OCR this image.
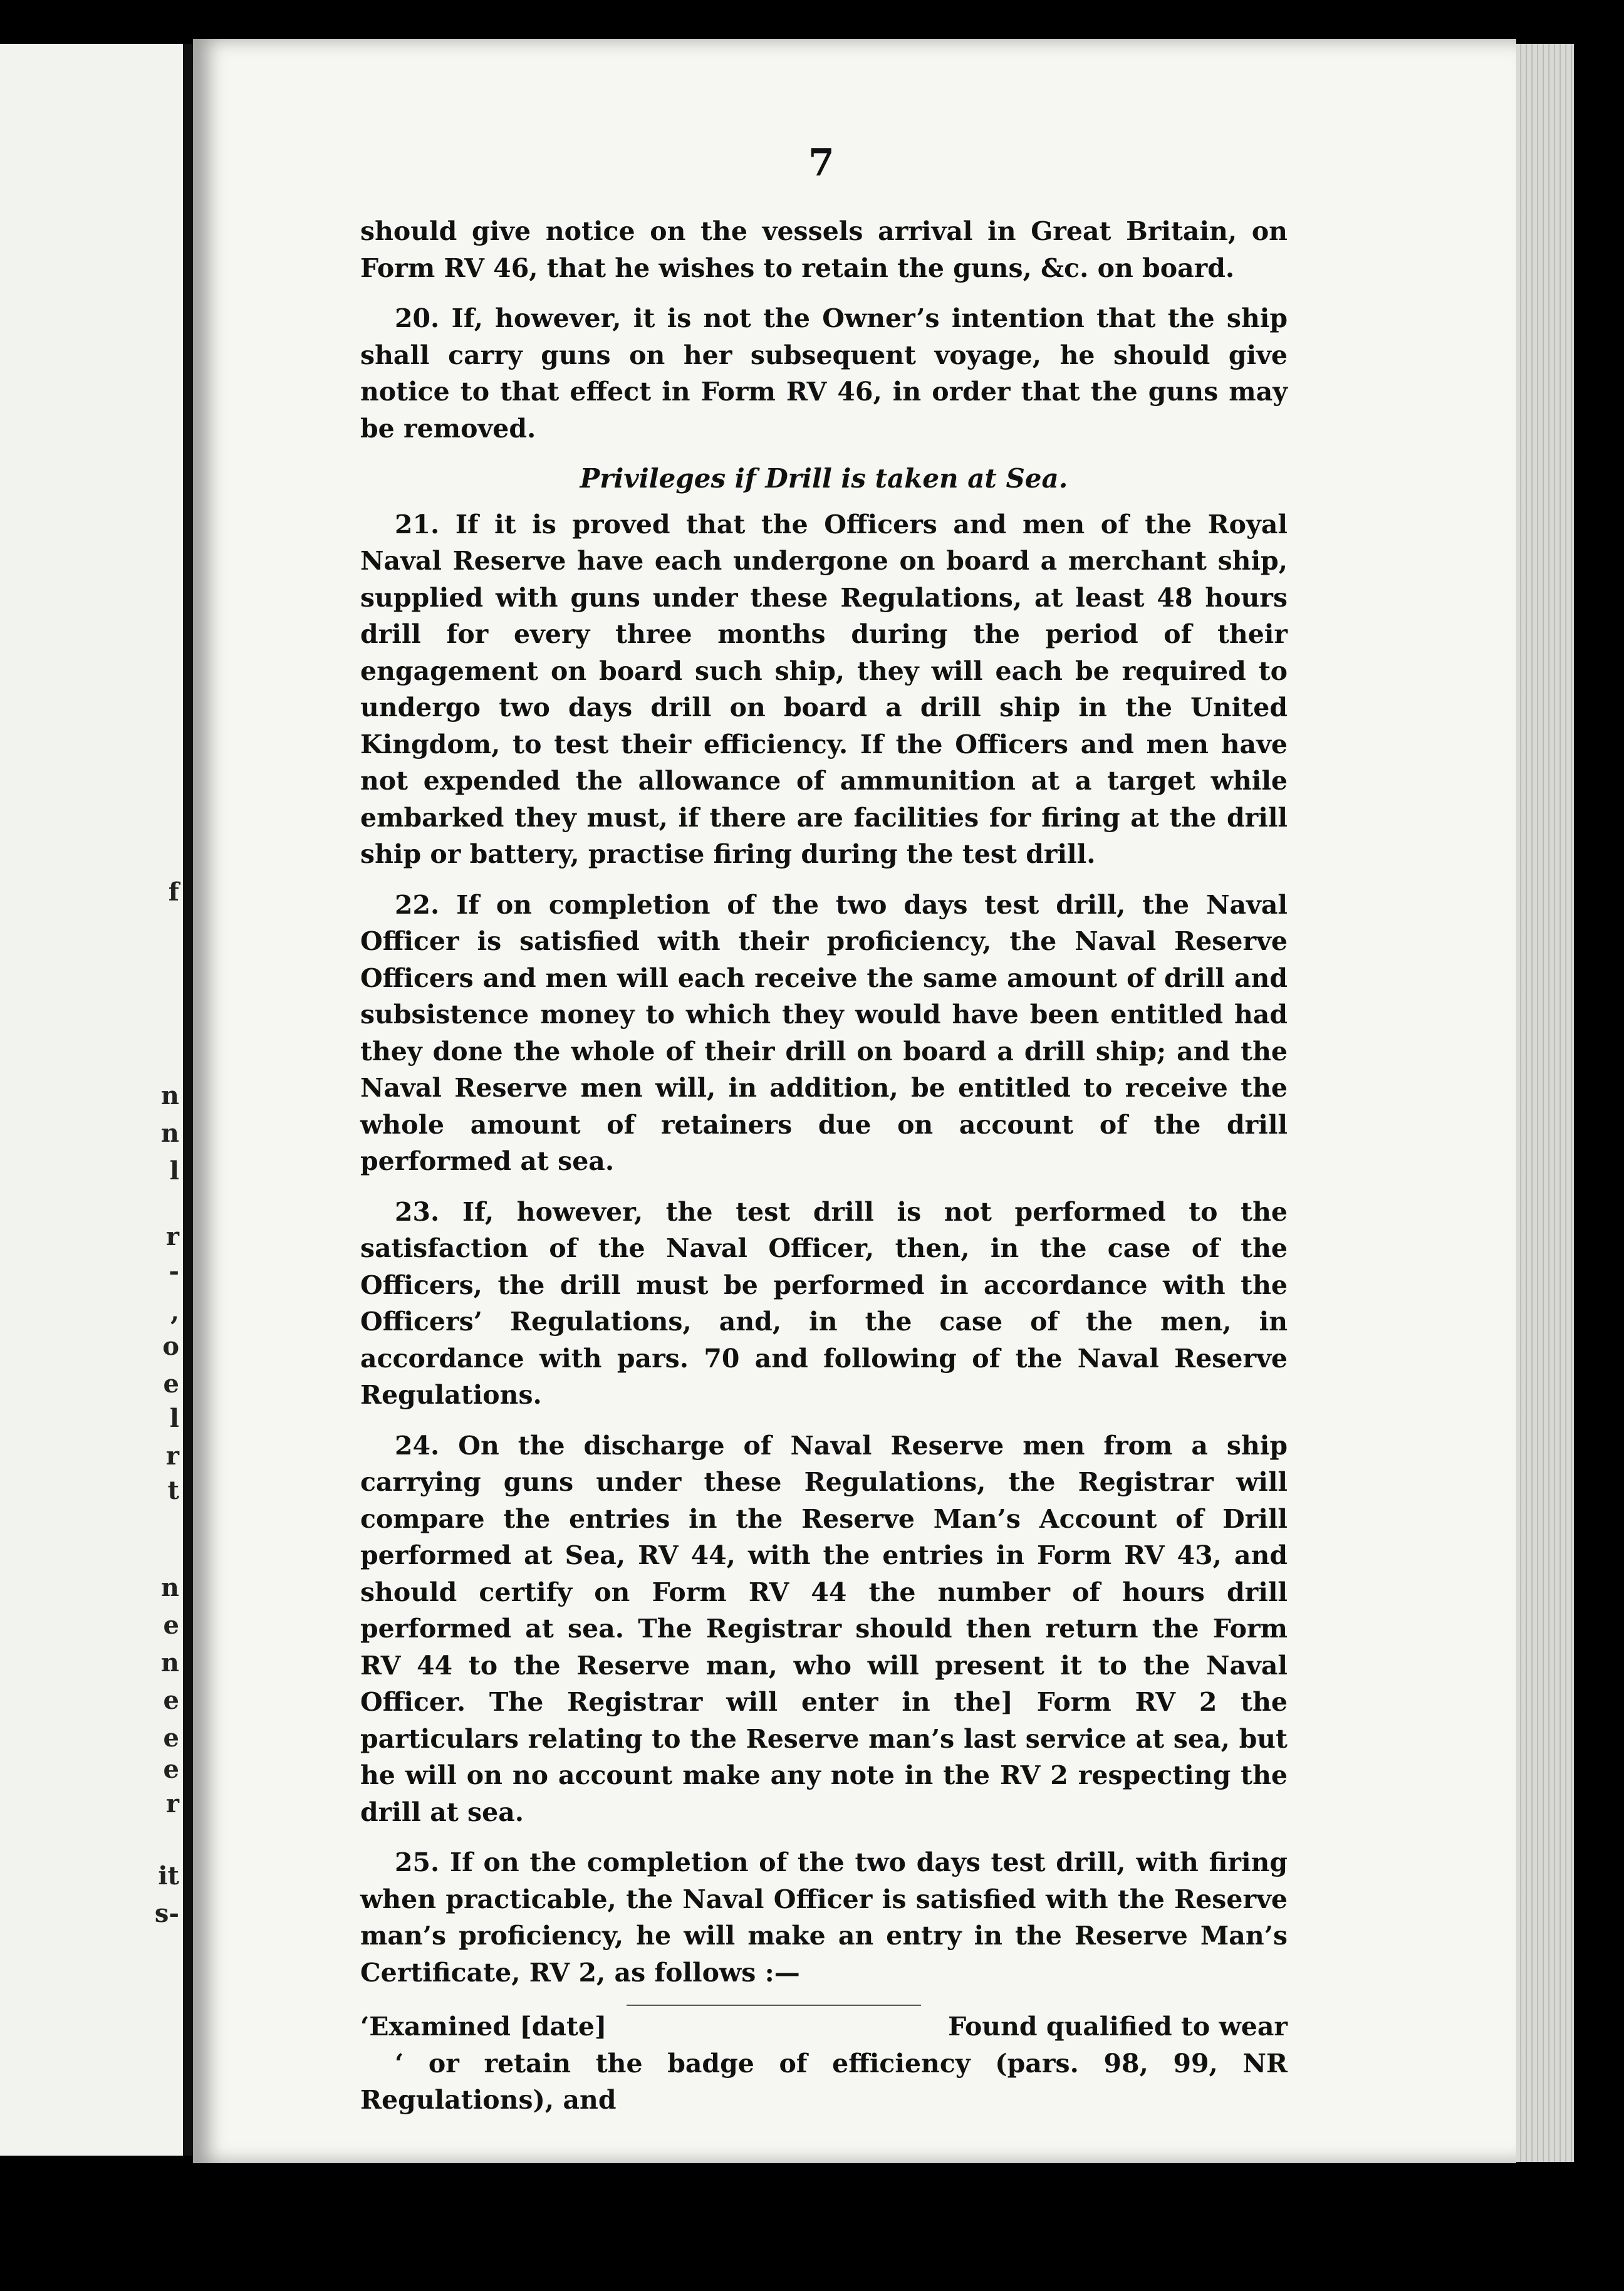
f
n
n
l
r
-
,
o
e
l
r
t
n
e
n
e
e
e
r
it
s-
7

should give notice on the vessels arrival in Great Britain, on Form RV 46, that he wishes to retain the guns, &c. on board.

20. If, however, it is not the Owner’s intention that the ship shall carry guns on her subsequent voyage, he should give notice to that effect in Form RV 46, in order that the guns may be removed.

Privileges if Drill is taken at Sea.

21. If it is proved that the Officers and men of the Royal Naval Reserve have each undergone on board a merchant ship, supplied with guns under these Regulations, at least 48 hours drill for every three months during the period of their engagement on board such ship, they will each be required to undergo two days drill on board a drill ship in the United Kingdom, to test their efficiency. If the Officers and men have not expended the allowance of ammunition at a target while embarked they must, if there are facilities for firing at the drill ship or battery, practise firing during the test drill.

22. If on completion of the two days test drill, the Naval Officer is satisfied with their proficiency, the Naval Reserve Officers and men will each receive the same amount of drill and subsistence money to which they would have been entitled had they done the whole of their drill on board a drill ship; and the Naval Reserve men will, in addition, be entitled to receive the whole amount of retainers due on account of the drill performed at sea.

23. If, however, the test drill is not performed to the satisfaction of the Naval Officer, then, in the case of the Officers, the drill must be performed in accordance with the Officers’ Regulations, and, in the case of the men, in accordance with pars. 70 and following of the Naval Reserve Regulations.

24. On the discharge of Naval Reserve men from a ship carrying guns under these Regulations, the Registrar will compare the entries in the Reserve Man’s Account of Drill performed at Sea, RV 44, with the entries in Form RV 43, and should certify on Form RV 44 the number of hours drill performed at sea. The Registrar should then return the Form RV 44 to the Reserve man, who will present it to the Naval Officer. The Registrar will enter in the] Form RV 2 the particulars relating to the Reserve man’s last service at sea, but he will on no account make any note in the RV 2 respecting the drill at sea.

25. If on the completion of the two days test drill, with firing when practicable, the Naval Officer is satisfied with the Reserve man’s proficiency, he will make an entry in the Reserve Man’s Certificate, RV 2, as follows :—

‘Examined [date]	Found qualified to wear

‘ or retain the badge of efficiency (pars. 98, 99, NR Regulations), and
